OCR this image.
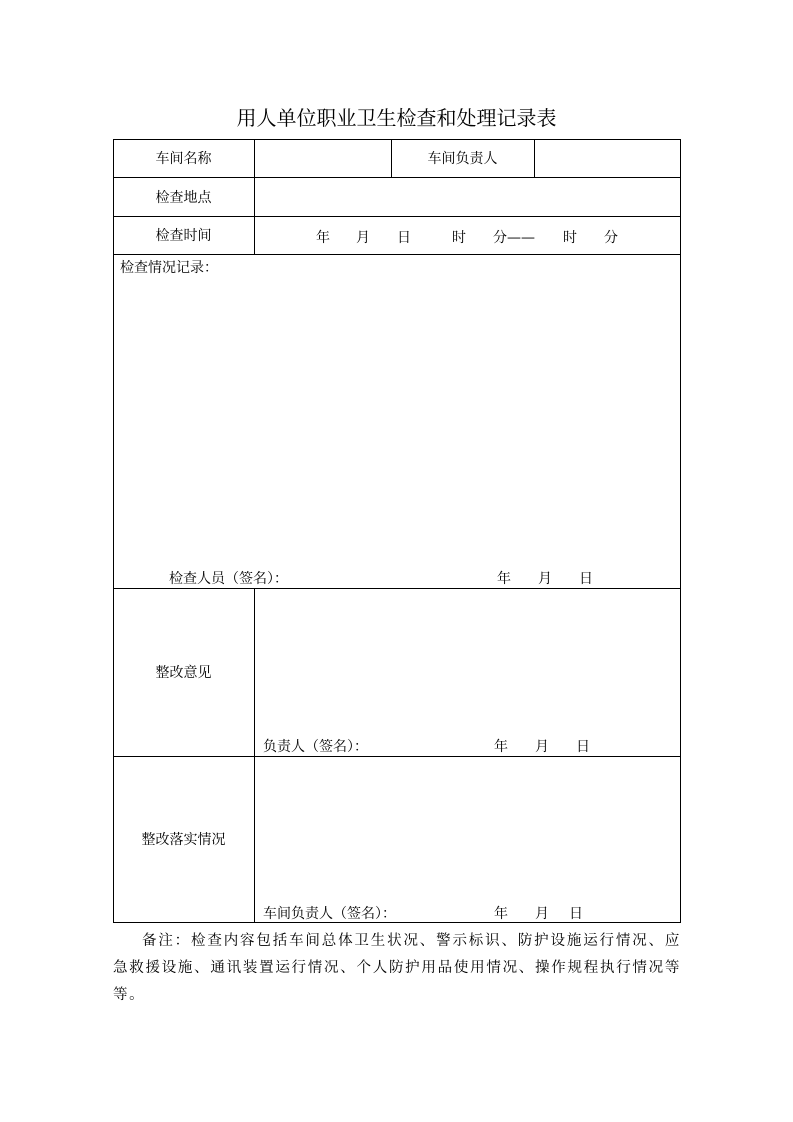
用人单位职业卫生检查和处理记录表
车间名称	车间负责人
检查地点
检查时间	年 月 日	时 分—— 时 分
检查情况记录：
检查人员（签名）：	年 月 日
整改意见
负责人（签名）：	年 月 日
整改落实情况
车间负责人（签名）：	年 月 日
备注：检查内容包括车间总体卫生状况、警示标识、防护设施运行情况、应急救援设施、通讯装置运行情况、个人防护用品使用情况、操作规程执行情况等等。
